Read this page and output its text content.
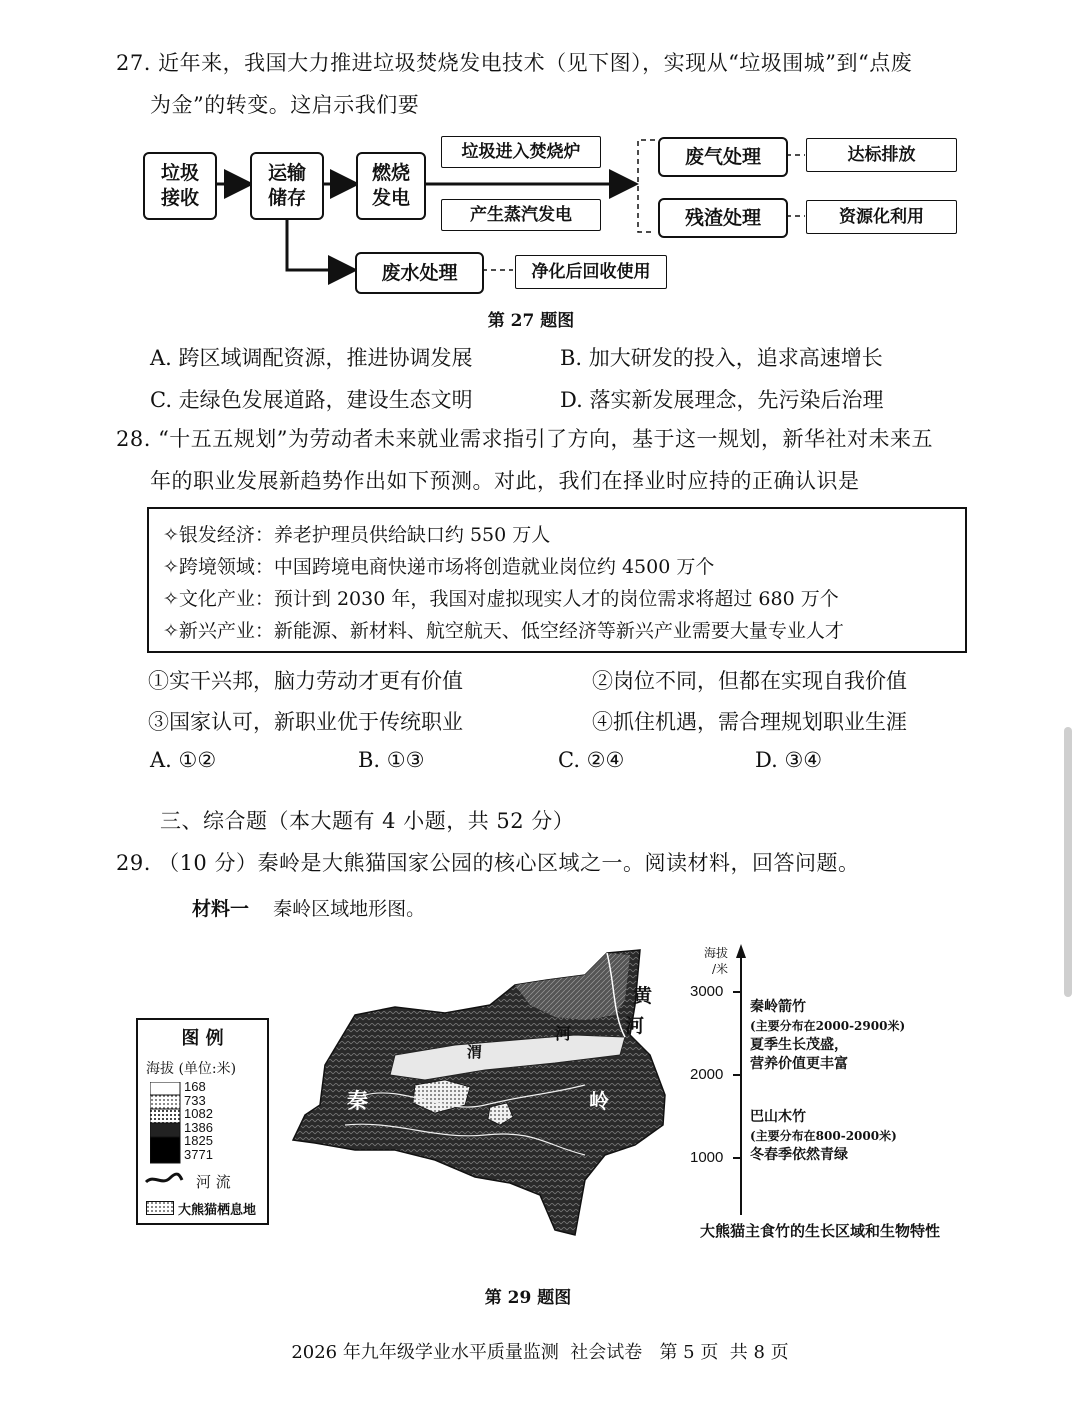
27. 近年来，我国大力推进垃圾焚烧发电技术（见下图），实现从“垃圾围城”到“点废
为金”的转变。这启示我们要
垃圾
接收
运输
储存
燃烧
发电
垃圾进入焚烧炉
产生蒸汽发电
废气处理
残渣处理
达标排放
资源化利用
废水处理	净化后回收使用
第 27 题图
A. 跨区域调配资源，推进协调发展	B. 加大研发的投入，追求高速增长
C. 走绿色发展道路，建设生态文明	D. 落实新发展理念，先污染后治理
28. “十五五规划”为劳动者未来就业需求指引了方向，基于这一规划，新华社对未来五
年的职业发展新趋势作出如下预测。对此，我们在择业时应持的正确认识是
✧银发经济：养老护理员供给缺口约 550 万人
✧跨境领域：中国跨境电商快递市场将创造就业岗位约 4500 万个
✧文化产业：预计到 2030 年，我国对虚拟现实人才的岗位需求将超过 680 万个
✧新兴产业：新能源、新材料、航空航天、低空经济等新兴产业需要大量专业人才
①实干兴邦，脑力劳动才更有价值	②岗位不同，但都在实现自我价值
③国家认可，新职业优于传统职业	④抓住机遇，需合理规划职业生涯
A. ①②	B. ①③	C. ②④	D. ③④
三、综合题（本大题有 4 小题，共 52 分）
29. （10 分）秦岭是大熊猫国家公园的核心区域之一。阅读材料，回答问题。
材料一 秦岭区域地形图。
图 例
海拔 (单位:米)
168
733
1082
1386
1825
3771
河 流
大熊猫栖息地
黄
河
河
渭
秦	岭
海拔
/米
3000
2000
1000
秦岭箭竹
(主要分布在2000-2900米)
夏季生长茂盛，
营养价值更丰富
巴山木竹
(主要分布在800-2000米)
冬春季依然青绿
大熊猫主食竹的生长区域和生物特性
第 29 题图
2026 年九年级学业水平质量监测  社会试卷   第 5 页  共 8 页
